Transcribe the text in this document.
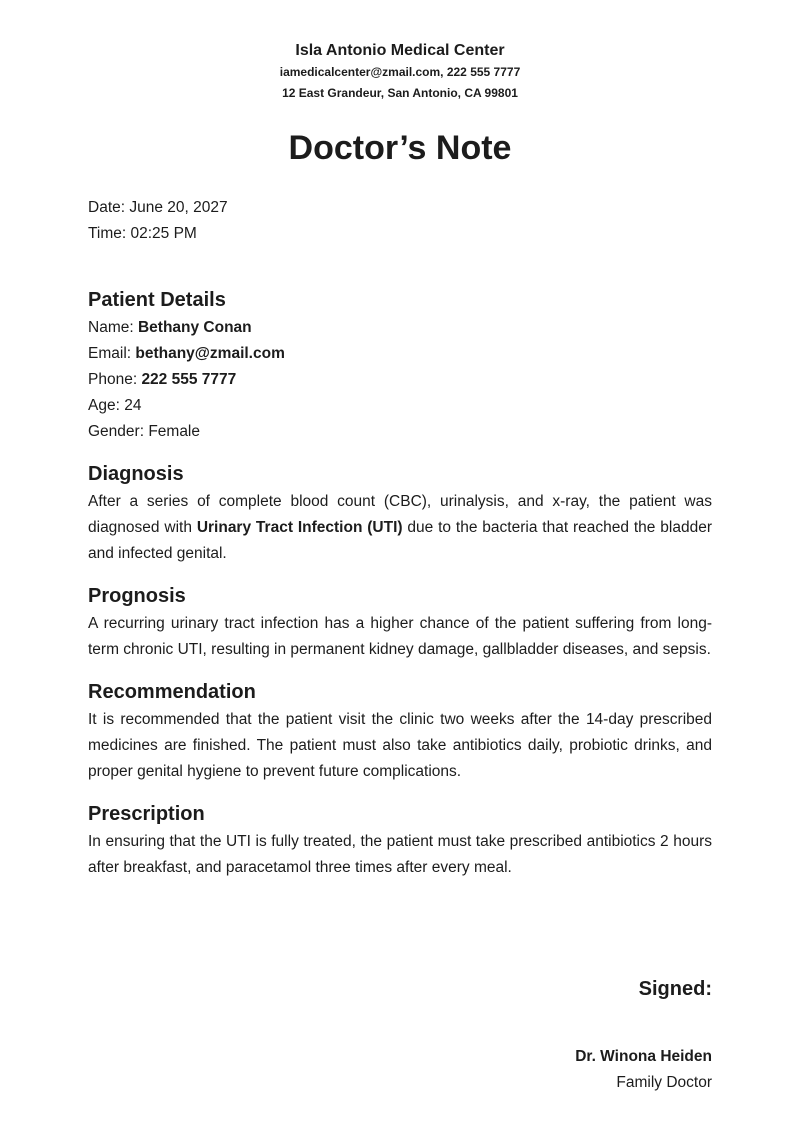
Isla Antonio Medical Center
iamedicalcenter@zmail.com, 222 555 7777
12 East Grandeur, San Antonio, CA 99801
Doctor’s Note
Date: June 20, 2027
Time: 02:25 PM
Patient Details
Name: Bethany Conan
Email: bethany@zmail.com
Phone: 222 555 7777
Age: 24
Gender: Female
Diagnosis
After a series of complete blood count (CBC), urinalysis, and x-ray, the patient was diagnosed with Urinary Tract Infection (UTI) due to the bacteria that reached the bladder and infected genital.
Prognosis
A recurring urinary tract infection has a higher chance of the patient suffering from long-term chronic UTI, resulting in permanent kidney damage, gallbladder diseases, and sepsis.
Recommendation
It is recommended that the patient visit the clinic two weeks after the 14-day prescribed medicines are finished. The patient must also take antibiotics daily, probiotic drinks, and proper genital hygiene to prevent future complications.
Prescription
In ensuring that the UTI is fully treated, the patient must take prescribed antibiotics 2 hours after breakfast, and paracetamol three times after every meal.
Signed:
Dr. Winona Heiden
Family Doctor
